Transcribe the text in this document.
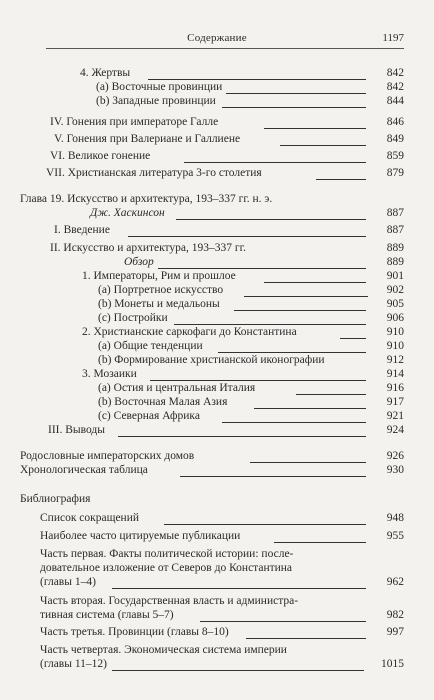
Содержание	1197
4. Жертвы	842
(a) Восточные провинции	842
(b) Западные провинции	844
IV. Гонения при императоре Галле	846
V. Гонения при Валериане и Галлиене	849
VI. Великое гонение	859
VII. Христианская литература 3-го столетия	879
Глава 19. Искусство и архитектура, 193–337 гг. н. э.
Дж. Хаскинсон	887
I. Введение	887
II. Искусство и архитектура, 193–337 гг.	889
Обзор	889
1. Императоры, Рим и прошлое	901
(a) Портретное искусство	902
(b) Монеты и медальоны	905
(c) Постройки	906
2. Христианские саркофаги до Константина	910
(a) Общие тенденции	910
(b) Формирование христианской иконографии	912
3. Мозаики	914
(a) Остия и центральная Италия	916
(b) Восточная Малая Азия	917
(c) Северная Африка	921
III. Выводы	924
Родословные императорских домов	926
Хронологическая таблица	930
Библиография
Список сокращений	948
Наиболее часто цитируемые публикации	955
Часть первая. Факты политической истории: после-
довательное изложение от Северов до Константина
(главы 1–4)	962
Часть вторая. Государственная власть и администра-
тивная система (главы 5–7)	982
Часть третья. Провинции (главы 8–10)	997
Часть четвертая. Экономическая система империи
(главы 11–12)	1015
